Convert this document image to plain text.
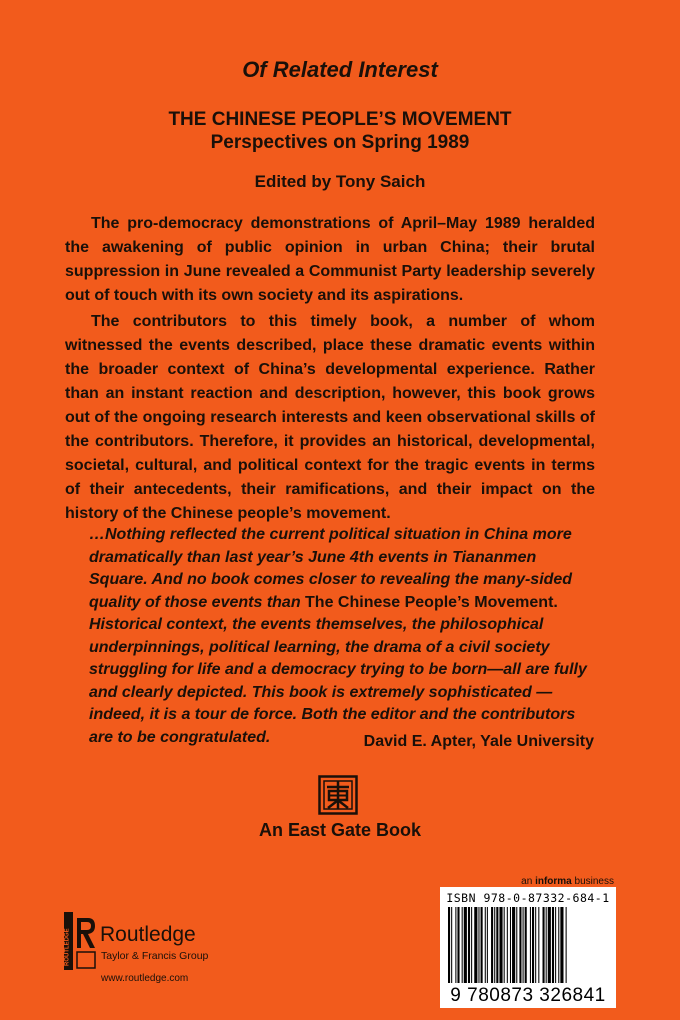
Of Related Interest
THE CHINESE PEOPLE’S MOVEMENT
Perspectives on Spring 1989
Edited by Tony Saich
The pro-democracy demonstrations of April–May 1989 heralded the awakening of public opinion in urban China; their brutal suppression in June revealed a Communist Party leadership severely out of touch with its own society and its aspirations.
The contributors to this timely book, a number of whom witnessed the events described, place these dramatic events within the broader context of China’s developmental experience. Rather than an instant reaction and description, however, this book grows out of the ongoing research interests and keen observational skills of the contributors. Therefore, it provides an historical, developmental, societal, cultural, and political context for the tragic events in terms of their antecedents, their ramifications, and their impact on the history of the Chinese people’s movement.
…Nothing reflected the current political situation in China more dramatically than last year’s June 4th events in Tiananmen Square. And no book comes closer to revealing the many-sided quality of those events than The Chinese People’s Movement. Historical context, the events themselves, the philosophical underpinnings, political learning, the drama of a civil society struggling for life and a democracy trying to be born—all are fully and clearly depicted. This book is extremely sophisticated —indeed, it is a tour de force. Both the editor and the contributors are to be congratulated.	David E. Apter, Yale University
An East Gate Book
an informa business
ISBN 978-0-87332-684-1
9 780873 326841
ROUTLEDGE Routledge
Taylor & Francis Group
www.routledge.com
